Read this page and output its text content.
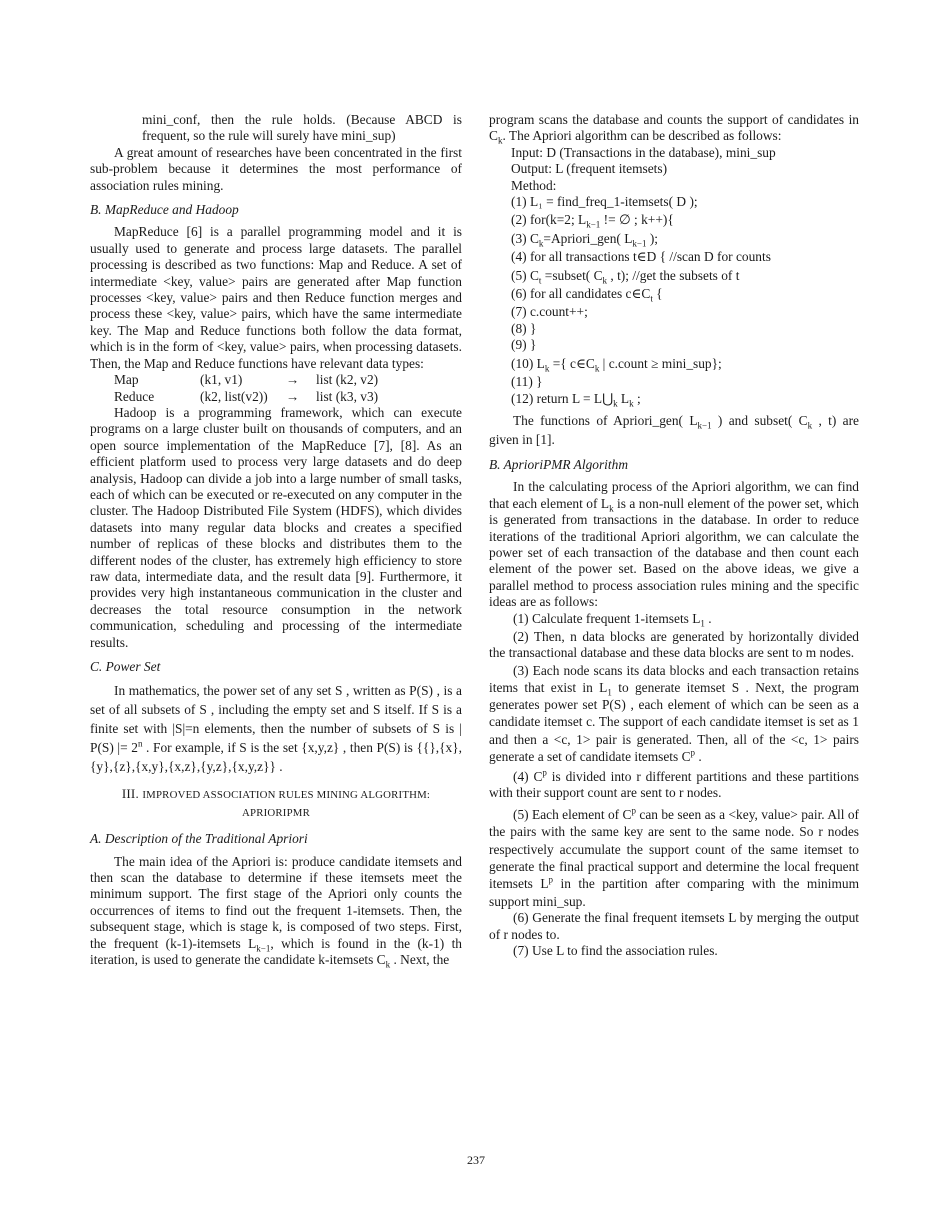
mini_conf, then the rule holds. (Because ABCD is frequent, so the rule will surely have mini_sup)

A great amount of researches have been concentrated in the first sub-problem because it determines the most performance of association rules mining.

B. MapReduce and Hadoop

MapReduce [6] is a parallel programming model and it is usually used to generate and process large datasets. The parallel processing is described as two functions: Map and Reduce. A set of intermediate <key, value> pairs are generated after Map function processes <key, value> pairs and then Reduce function merges and process these <key, value> pairs, which have the same intermediate key. The Map and Reduce functions both follow the data format, which is in the form of <key, value> pairs, when processing datasets. Then, the Map and Reduce functions have relevant data types:

Map	(k1, v1)	→	list (k2, v2)
Reduce	(k2, list(v2))	→	list (k3, v3)

Hadoop is a programming framework, which can execute programs on a large cluster built on thousands of computers, and an open source implementation of the MapReduce [7], [8]. As an efficient platform used to process very large datasets and do deep analysis, Hadoop can divide a job into a large number of small tasks, each of which can be executed or re-executed on any computer in the cluster. The Hadoop Distributed File System (HDFS), which divides datasets into many regular data blocks and creates a specified number of replicas of these blocks and distributes them to the different nodes of the cluster, has extremely high efficiency to store raw data, intermediate data, and the result data [9]. Furthermore, it provides very high instantaneous communication in the cluster and decreases the total resource consumption in the network communication, scheduling and processing of the intermediate results.

C. Power Set

In mathematics, the power set of any set S , written as P(S) , is a set of all subsets of S , including the empty set and S itself. If S is a finite set with |S|=n elements, then the number of subsets of S is | P(S) |= $2^n$ . For example, if S is the set {x,y,z} , then P(S) is {{},{x},{y},{z},{x,y},{x,z},{y,z},{x,y,z}} .

III. IMPROVED ASSOCIATION RULES MINING ALGORITHM: APRIORIPMR
A. Description of the Traditional Apriori

The main idea of the Apriori is: produce candidate itemsets and then scan the database to determine if these itemsets meet the minimum support. The first stage of the Apriori only counts the occurrences of items to find out the frequent 1-itemsets. Then, the subsequent stage, which is stage k, is composed of two steps. First, the frequent (k-1)-itemsets $L_{k-1}$, which is found in the (k-1) th iteration, is used to generate the candidate k-itemsets $C_k$ . Next, the

program scans the database and counts the support of candidates in $C_k$. The Apriori algorithm can be described as follows:

Input: D (Transactions in the database), mini_sup
Output: L (frequent itemsets)
Method:
(1) L₁ = find_freq_1-itemsets( D );
(2) for(k=2; $L_{k-1}$ != ∅ ; k++){
(3) $C_k=Apriori\_gen$( $L_{k-1}$ );
(4) for all transactions t∈D { //scan D for counts
(5) $C_t$ =subset( $C_k$ , t); //get the subsets of t
(6) for all candidates $c\in C_t$ {
(7) c.count++;
(8) }
(9) }
(10) $L_k$ ={ $c\in C_k$ | c.count ≥ mini_sup};
(11) }
(12) return $L = L⋃_k$ $L_k$ ;

The functions of Apriori_gen( $L_{k-1}$ ) and subset( $C_k$ , t) are given in [1].

B. AprioriPMR Algorithm

In the calculating process of the Apriori algorithm, we can find that each element of $L_k$ is a non-null element of the power set, which is generated from transactions in the database. In order to reduce iterations of the traditional Apriori algorithm, we can calculate the power set of each transaction of the database and then count each element of the power set. Based on the above ideas, we give a parallel method to process association rules mining and the specific ideas are as follows:

(1) Calculate frequent 1-itemsets $L_1$ .

(2) Then, n data blocks are generated by horizontally divided the transactional database and these data blocks are sent to m nodes.

(3) Each node scans its data blocks and each transaction retains items that exist in $L_1$ to generate itemset S . Next, the program generates power set P(S) , each element of which can be seen as a candidate itemset c. The support of each candidate itemset is set as 1 and then a <c, 1> pair is generated. Then, all of the <c, 1> pairs generate a set of candidate itemsets $C^p$ .

(4) $C^p$ is divided into r different partitions and these partitions with their support count are sent to r nodes.

(5) Each element of $C^p$ can be seen as a <key, value> pair. All of the pairs with the same key are sent to the same node. So r nodes respectively accumulate the support count of the same itemset to generate the final practical support and determine the local frequent itemsets $L^p$ in the partition after comparing with the minimum support mini_sup.

(6) Generate the final frequent itemsets L by merging the output of r nodes to.

(7) Use L to find the association rules.

237
